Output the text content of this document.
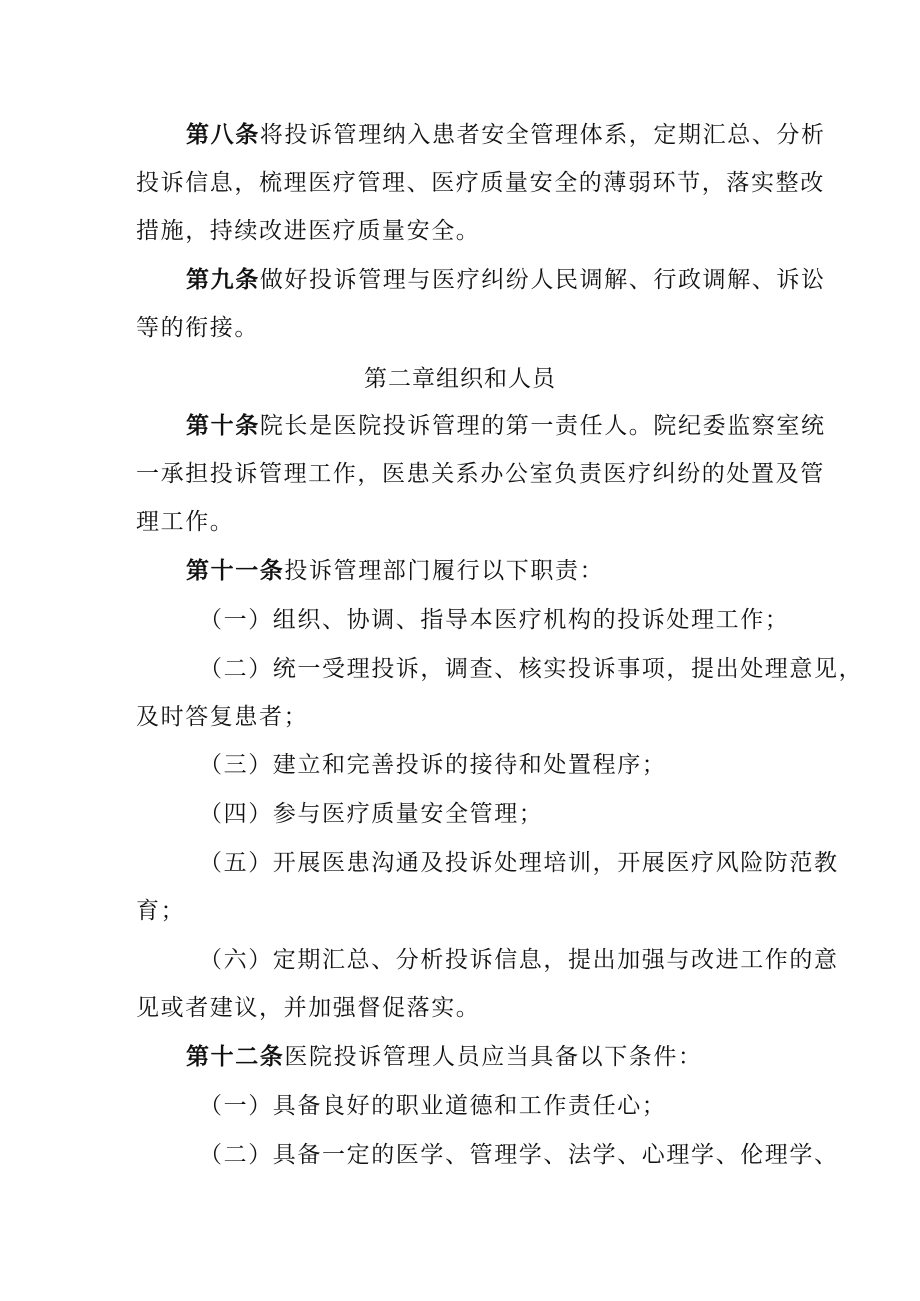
第八条将投诉管理纳入患者安全管理体系，定期汇总、分析
投诉信息，梳理医疗管理、医疗质量安全的薄弱环节，落实整改
措施，持续改进医疗质量安全。
第九条做好投诉管理与医疗纠纷人民调解、行政调解、诉讼
等的衔接。
第二章组织和人员
第十条院长是医院投诉管理的第一责任人。院纪委监察室统
一承担投诉管理工作，医患关系办公室负责医疗纠纷的处置及管
理工作。
第十一条投诉管理部门履行以下职责：
（一）组织、协调、指导本医疗机构的投诉处理工作；
（二）统一受理投诉，调查、核实投诉事项，提出处理意见，
及时答复患者；
（三）建立和完善投诉的接待和处置程序；
（四）参与医疗质量安全管理；
（五）开展医患沟通及投诉处理培训，开展医疗风险防范教
育；
（六）定期汇总、分析投诉信息，提出加强与改进工作的意
见或者建议，并加强督促落实。
第十二条医院投诉管理人员应当具备以下条件：
（一）具备良好的职业道德和工作责任心；
（二）具备一定的医学、管理学、法学、心理学、伦理学、
